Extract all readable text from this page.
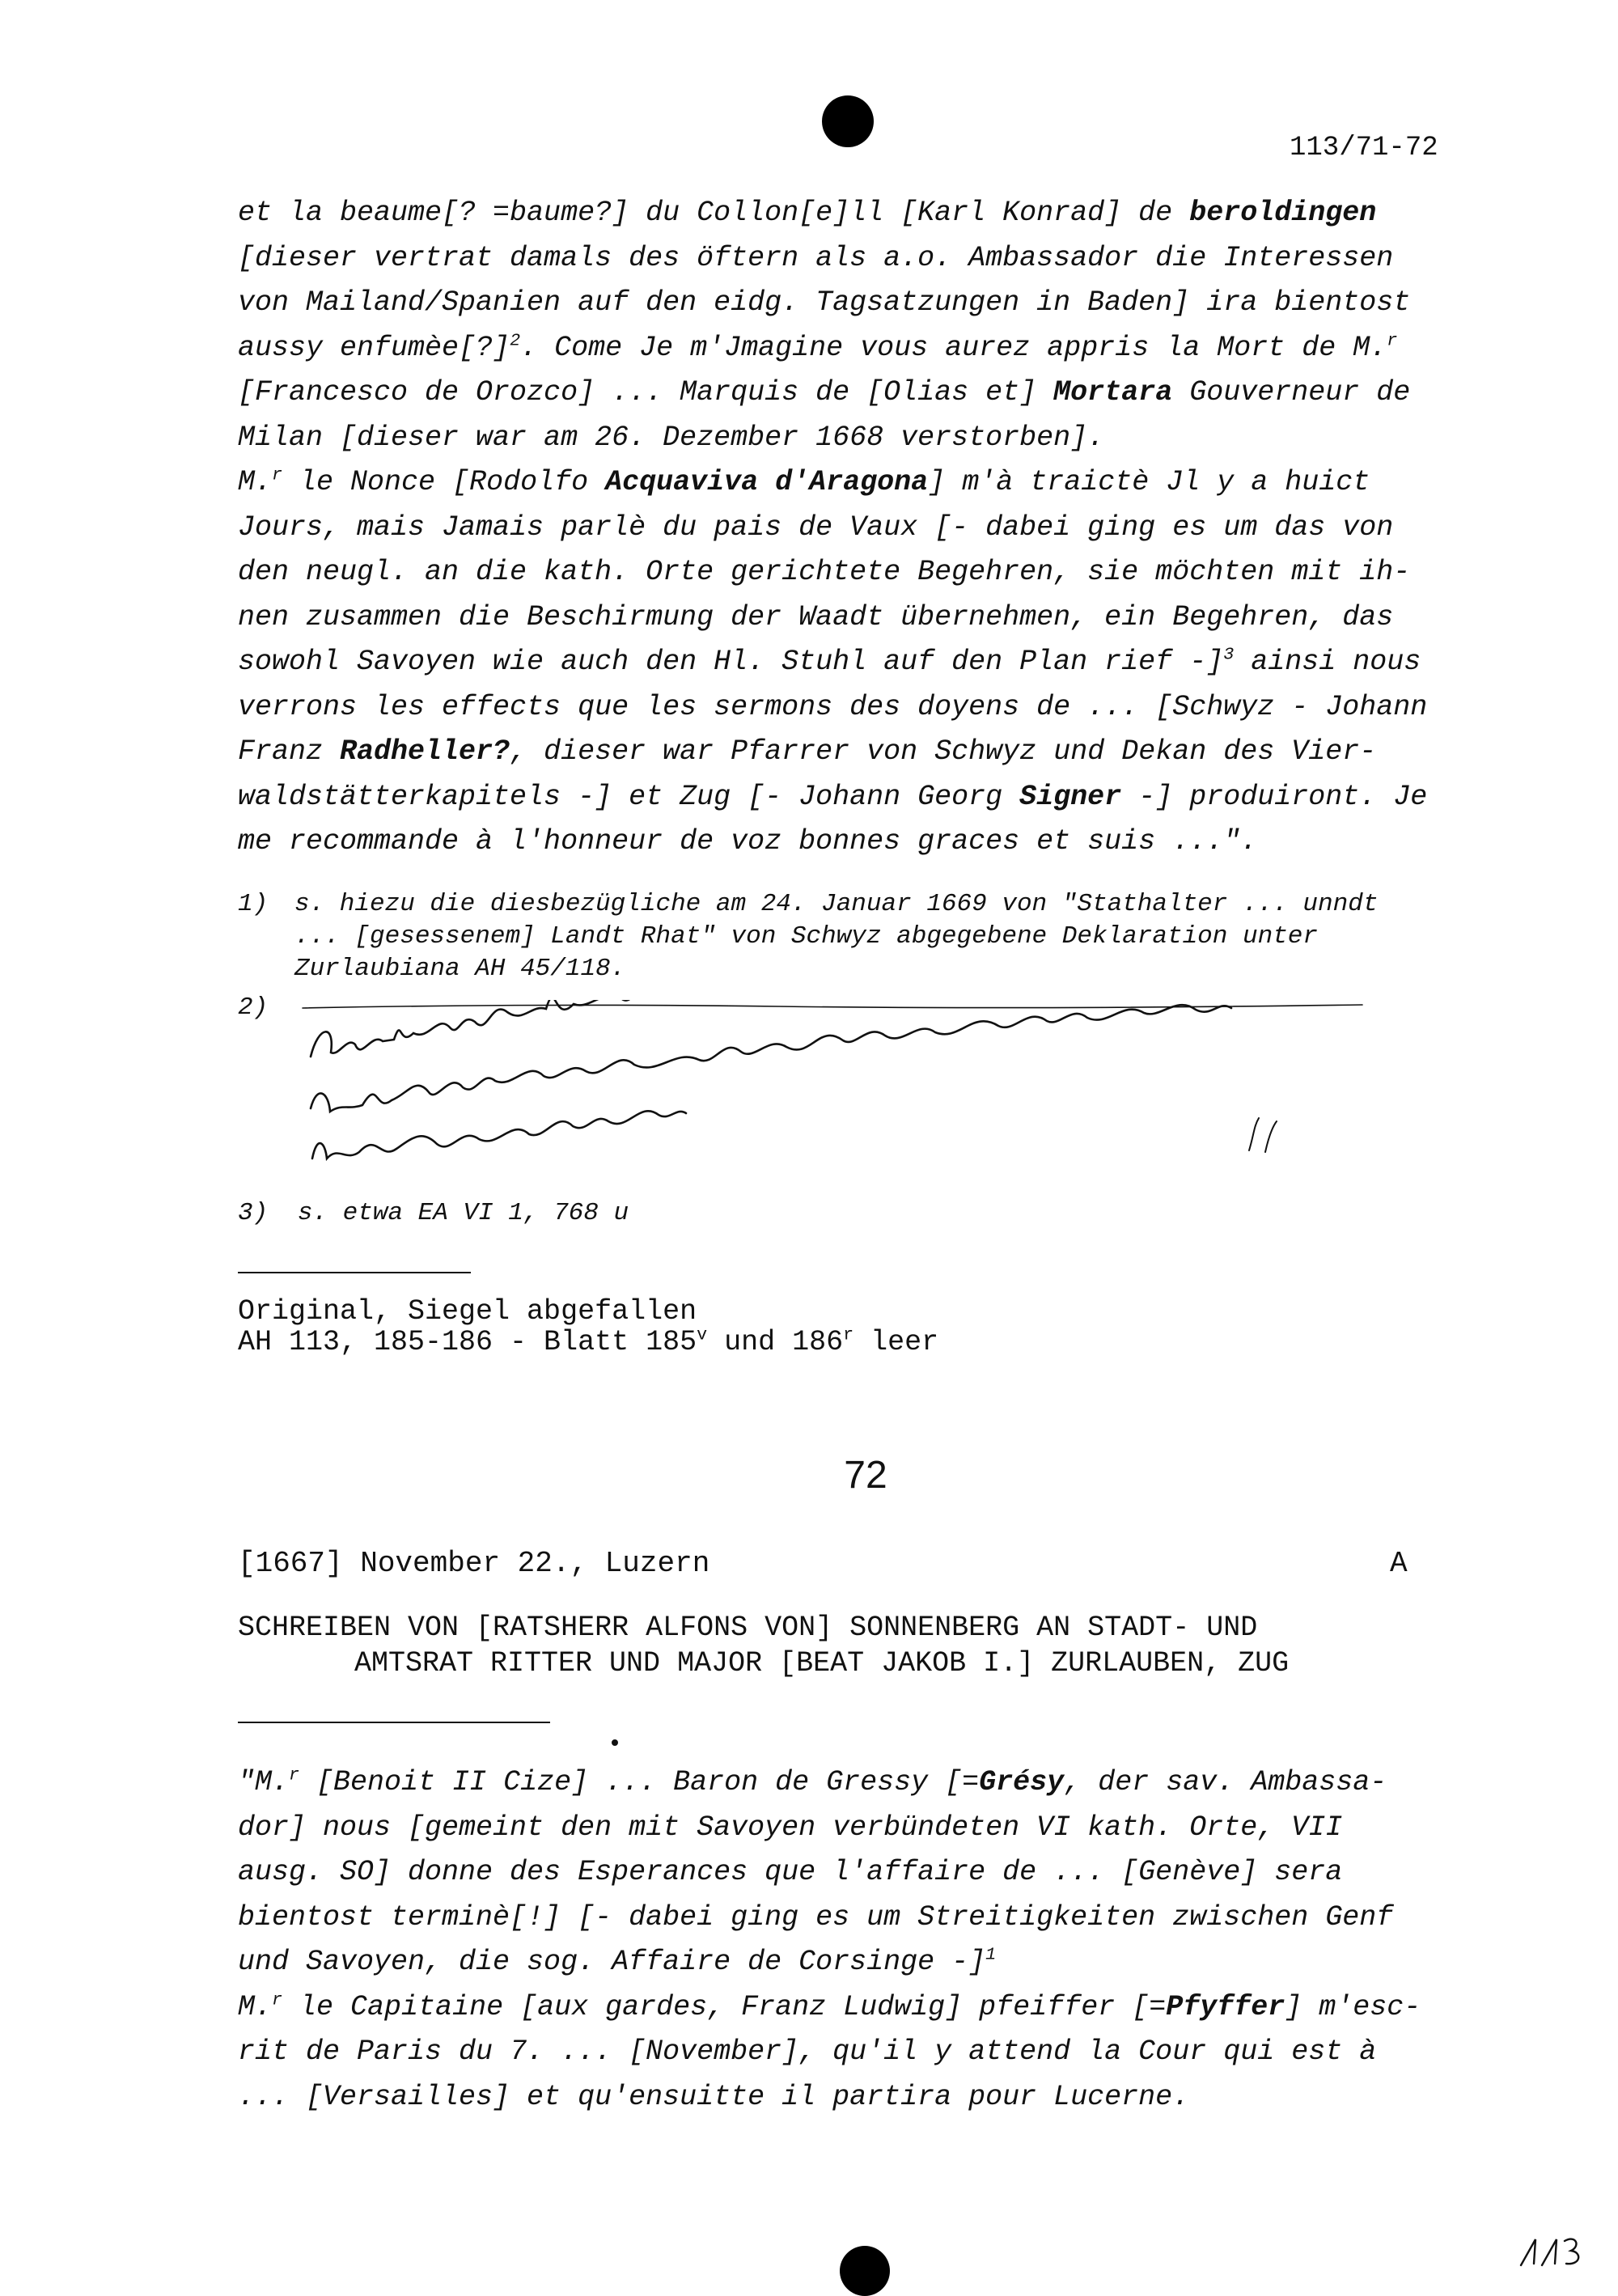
113/71-72
et la beaume[? =baume?] du Collon[e]ll [Karl Konrad] de beroldingen
[dieser vertrat damals des öftern als a.o. Ambassador die Interessen
von Mailand/Spanien auf den eidg. Tagsatzungen in Baden] ira bientost
aussy enfumèe[?]$^2$. Come Je m'Jmagine vous aurez appris la Mort de M.$^r$
[Francesco de Orozco] ... Marquis de [Olias et] Mortara Gouverneur de
Milan [dieser war am 26. Dezember 1668 verstorben].
M.$^r$ le Nonce [Rodolfo Acquaviva d'Aragona] m'à traictè Jl y a huict
Jours, mais Jamais parlè du pais de Vaux [- dabei ging es um das von
den neugl. an die kath. Orte gerichtete Begehren, sie möchten mit ih-
nen zusammen die Beschirmung der Waadt übernehmen, ein Begehren, das
sowohl Savoyen wie auch den Hl. Stuhl auf den Plan rief -]$^3$ ainsi nous
verrons les effects que les sermons des doyens de ... [Schwyz - Johann
Franz Radheller?, dieser war Pfarrer von Schwyz und Dekan des Vier-
waldstätterkapitels -] et Zug [- Johann Georg Signer -] produiront. Je
me recommande à l'honneur de voz bonnes graces et suis ...".
1) s. hiezu die diesbezügliche am 24. Januar 1669 von "Stathalter ... unndt
... [gesessenem] Landt Rhat" von Schwyz abgegebene Deklaration unter
Zurlaubiana AH 45/118.
2)
3) s. etwa EA VI 1, 768 u
Original, Siegel abgefallen
AH 113, 185-186 - Blatt 185$^v$ und 186$^r$ leer
72
[1667] November 22., Luzern	A
SCHREIBEN VON [RATSHERR ALFONS VON] SONNENBERG AN STADT- UND
AMTSRAT RITTER UND MAJOR [BEAT JAKOB I.] ZURLAUBEN, ZUG
"M.$^r$ [Benoit II Cize] ... Baron de Gressy [=Grésy, der sav. Ambassa-
dor] nous [gemeint den mit Savoyen verbündeten VI kath. Orte, VII
ausg. SO] donne des Esperances que l'affaire de ... [Genève] sera
bientost terminè[!] [- dabei ging es um Streitigkeiten zwischen Genf
und Savoyen, die sog. Affaire de Corsinge -]$^1$
M.$^r$ le Capitaine [aux gardes, Franz Ludwig] pfeiffer [=Pfyffer] m'esc-
rit de Paris du 7. ... [November], qu'il y attend la Cour qui est à
... [Versailles] et qu'ensuitte il partira pour Lucerne.
